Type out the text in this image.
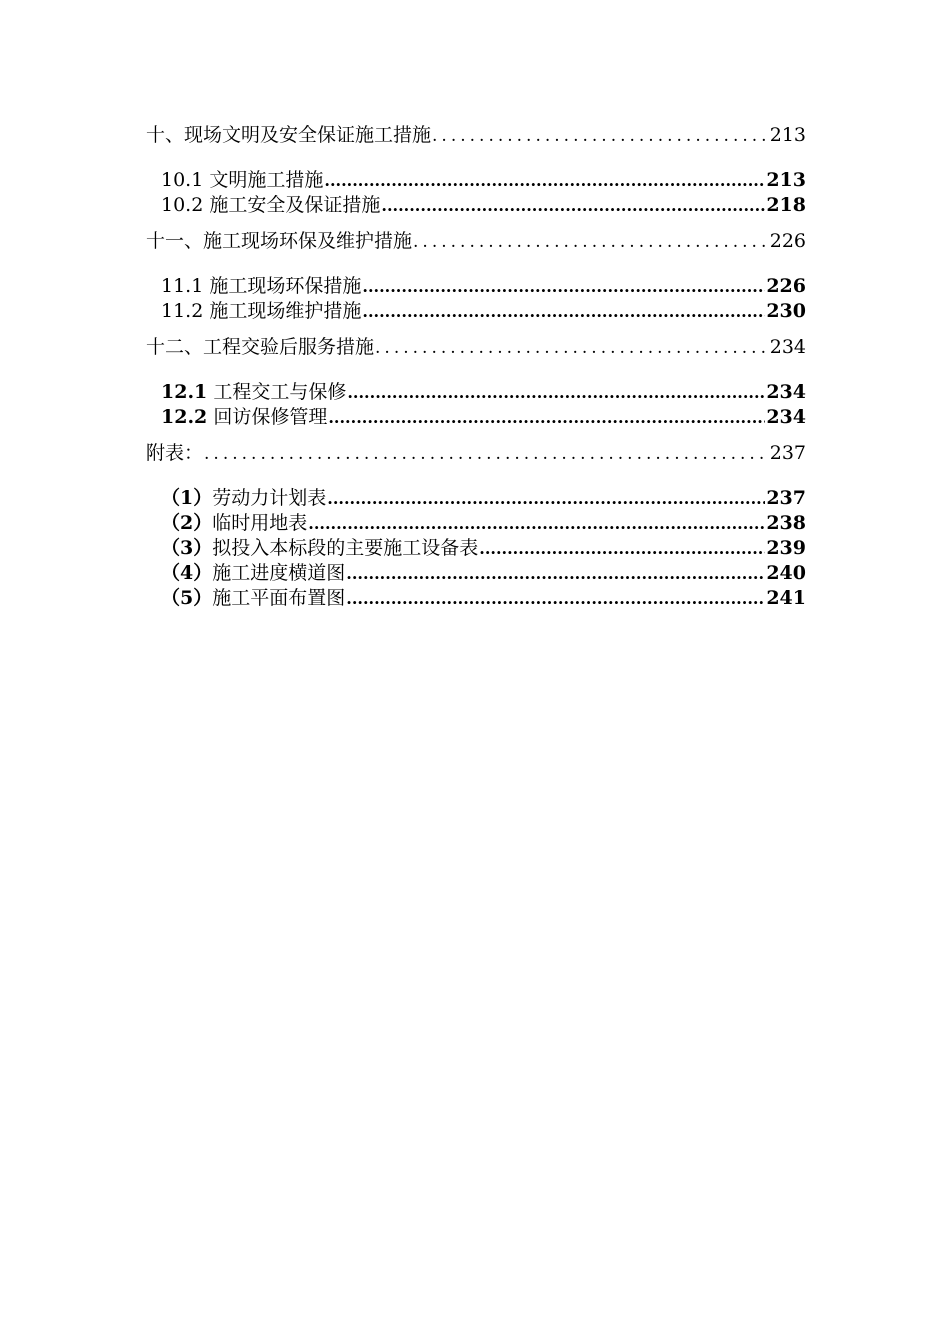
十、现场文明及安全保证施工措施 .....	213
10.1 文明施工措施 .....	213
10.2 施工安全及保证措施 .....	218
十一、施工现场环保及维护措施 .....	226
11.1 施工现场环保措施 .....	226
11.2 施工现场维护措施 .....	230
十二、工程交验后服务措施 .....	234
12.1 工程交工与保修 .....	234
12.2 回访保修管理 .....	234
附表： .....	237
（1）劳动力计划表 .....	237
（2）临时用地表 .....	238
（3）拟投入本标段的主要施工设备表 .....	239
（4）施工进度横道图 .....	240
（5）施工平面布置图 .....	241
